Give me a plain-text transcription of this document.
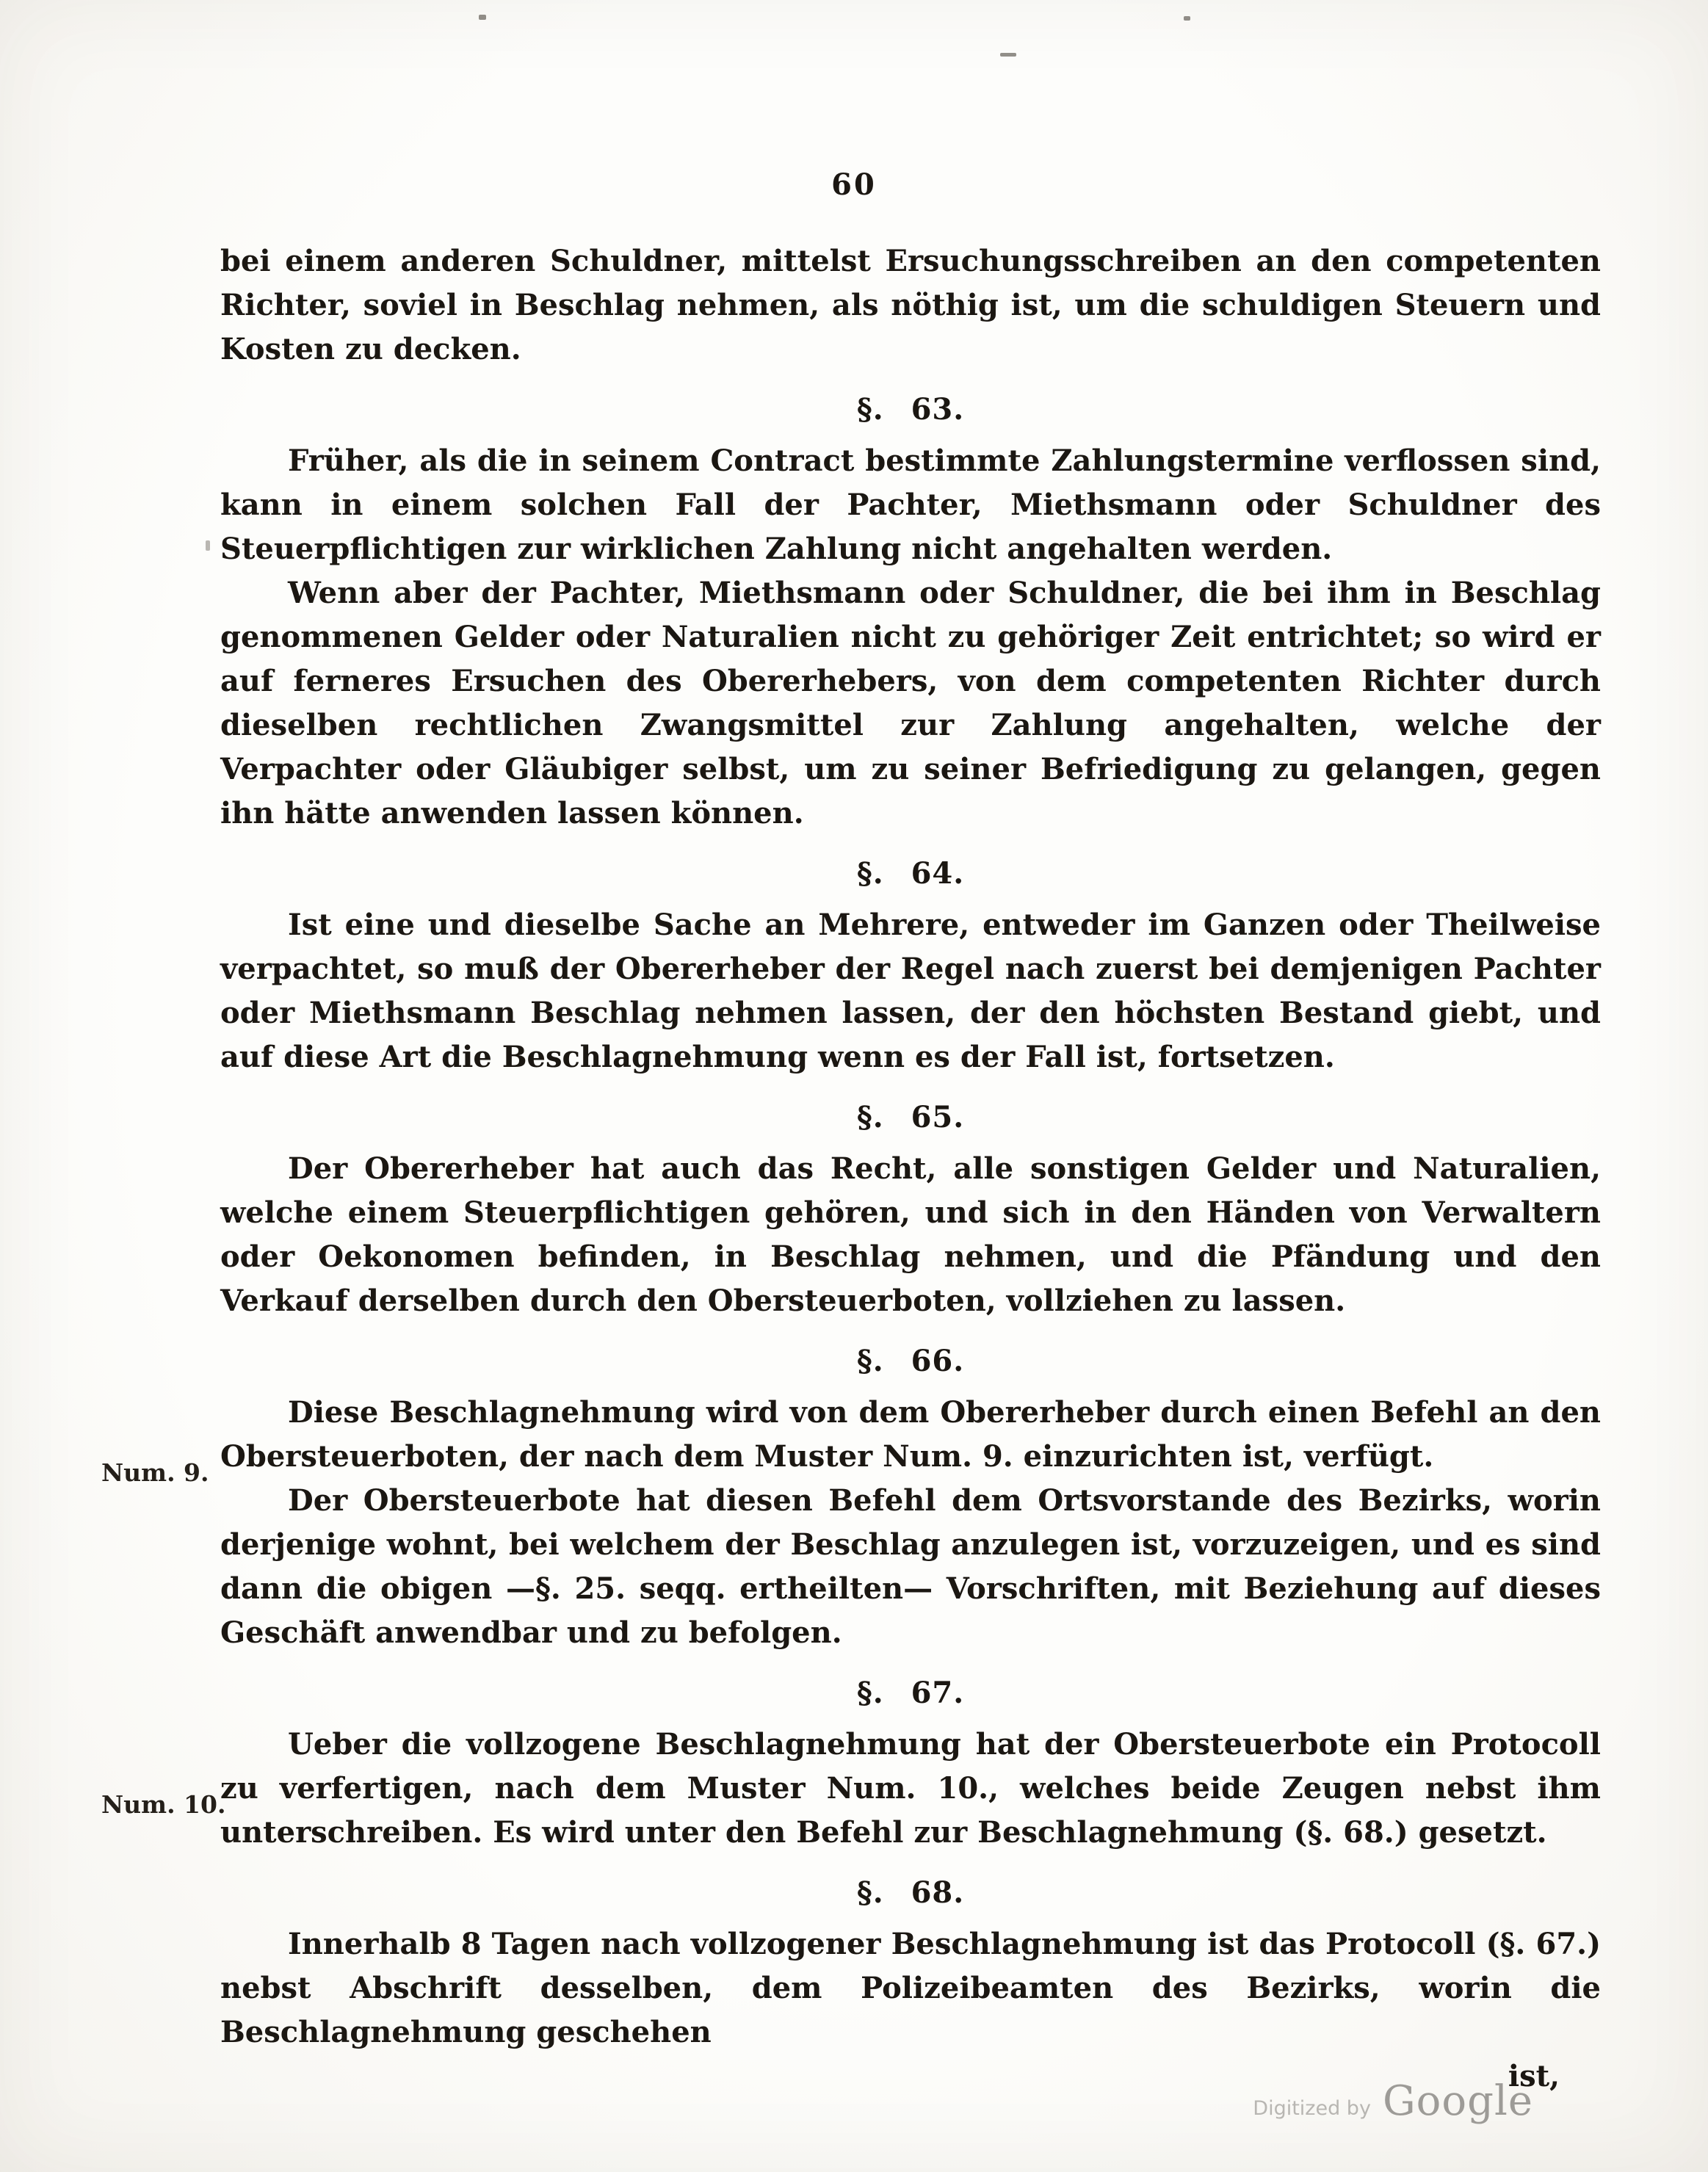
60

bei einem anderen Schuldner, mittelst Ersuchungsschreiben an den competenten Richter, soviel in Beschlag nehmen, als nöthig ist, um die schuldigen Steuern und Kosten zu decken.

§. 63.

Früher, als die in seinem Contract bestimmte Zahlungstermine verflossen sind, kann in einem solchen Fall der Pachter, Miethsmann oder Schuldner des Steuerpflichtigen zur wirklichen Zahlung nicht angehalten werden.

Wenn aber der Pachter, Miethsmann oder Schuldner, die bei ihm in Beschlag genommenen Gelder oder Naturalien nicht zu gehöriger Zeit entrichtet; so wird er auf ferneres Ersuchen des Obererhebers, von dem competenten Richter durch dieselben rechtlichen Zwangsmittel zur Zahlung angehalten, welche der Verpachter oder Gläubiger selbst, um zu seiner Befriedigung zu gelangen, gegen ihn hätte anwenden lassen können.

§. 64.

Ist eine und dieselbe Sache an Mehrere, entweder im Ganzen oder Theilweise verpachtet, so muß der Obererheber der Regel nach zuerst bei demjenigen Pachter oder Miethsmann Beschlag nehmen lassen, der den höchsten Bestand giebt, und auf diese Art die Beschlagnehmung wenn es der Fall ist, fortsetzen.

§. 65.

Der Obererheber hat auch das Recht, alle sonstigen Gelder und Naturalien, welche einem Steuerpflichtigen gehören, und sich in den Händen von Verwaltern oder Oekonomen befinden, in Beschlag nehmen, und die Pfändung und den Verkauf derselben durch den Obersteuerboten, vollziehen zu lassen.

Num. 9.
§. 66.

Diese Beschlagnehmung wird von dem Obererheber durch einen Befehl an den Obersteuerboten, der nach dem Muster Num. 9. einzurichten ist, verfügt.

Der Obersteuerbote hat diesen Befehl dem Ortsvorstande des Bezirks, worin derjenige wohnt, bei welchem der Beschlag anzulegen ist, vorzuzeigen, und es sind dann die obigen —§. 25. seqq. ertheilten— Vorschriften, mit Beziehung auf dieses Geschäft anwendbar und zu befolgen.

Num. 10.
§. 67.

Ueber die vollzogene Beschlagnehmung hat der Obersteuerbote ein Protocoll zu verfertigen, nach dem Muster Num. 10., welches beide Zeugen nebst ihm unterschreiben. Es wird unter den Befehl zur Beschlagnehmung (§. 68.) gesetzt.

§. 68.

Innerhalb 8 Tagen nach vollzogener Beschlagnehmung ist das Protocoll (§. 67.) nebst Abschrift desselben, dem Polizeibeamten des Bezirks, worin die Beschlagnehmung geschehen

ist,

Digitized by Google
